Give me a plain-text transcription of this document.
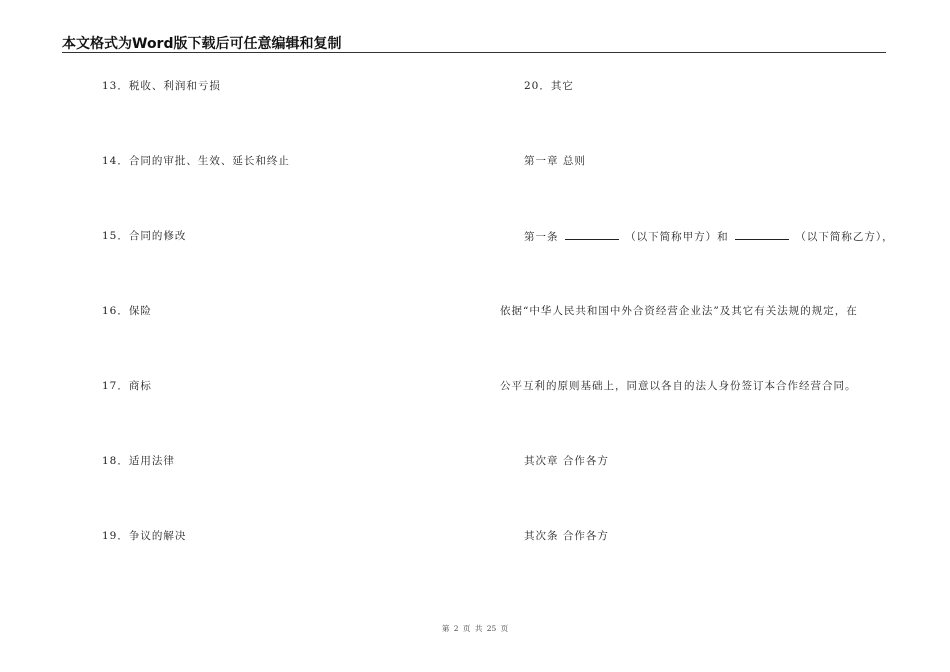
本文格式为Word版下载后可任意编辑和复制
13．税收、利润和亏损
14．合同的审批、生效、延长和终止
15．合同的修改
16．保险
17．商标
18．适用法律
19．争议的解决
20．其它
第一章 总则
第一条	（以下简称甲方）和	（以下简称乙方），
依据“中华人民共和国中外合资经营企业法”及其它有关法规的规定，在
公平互利的原则基础上，同意以各自的法人身份签订本合作经营合同。
其次章 合作各方
其次条 合作各方
第 2 页 共 25 页
